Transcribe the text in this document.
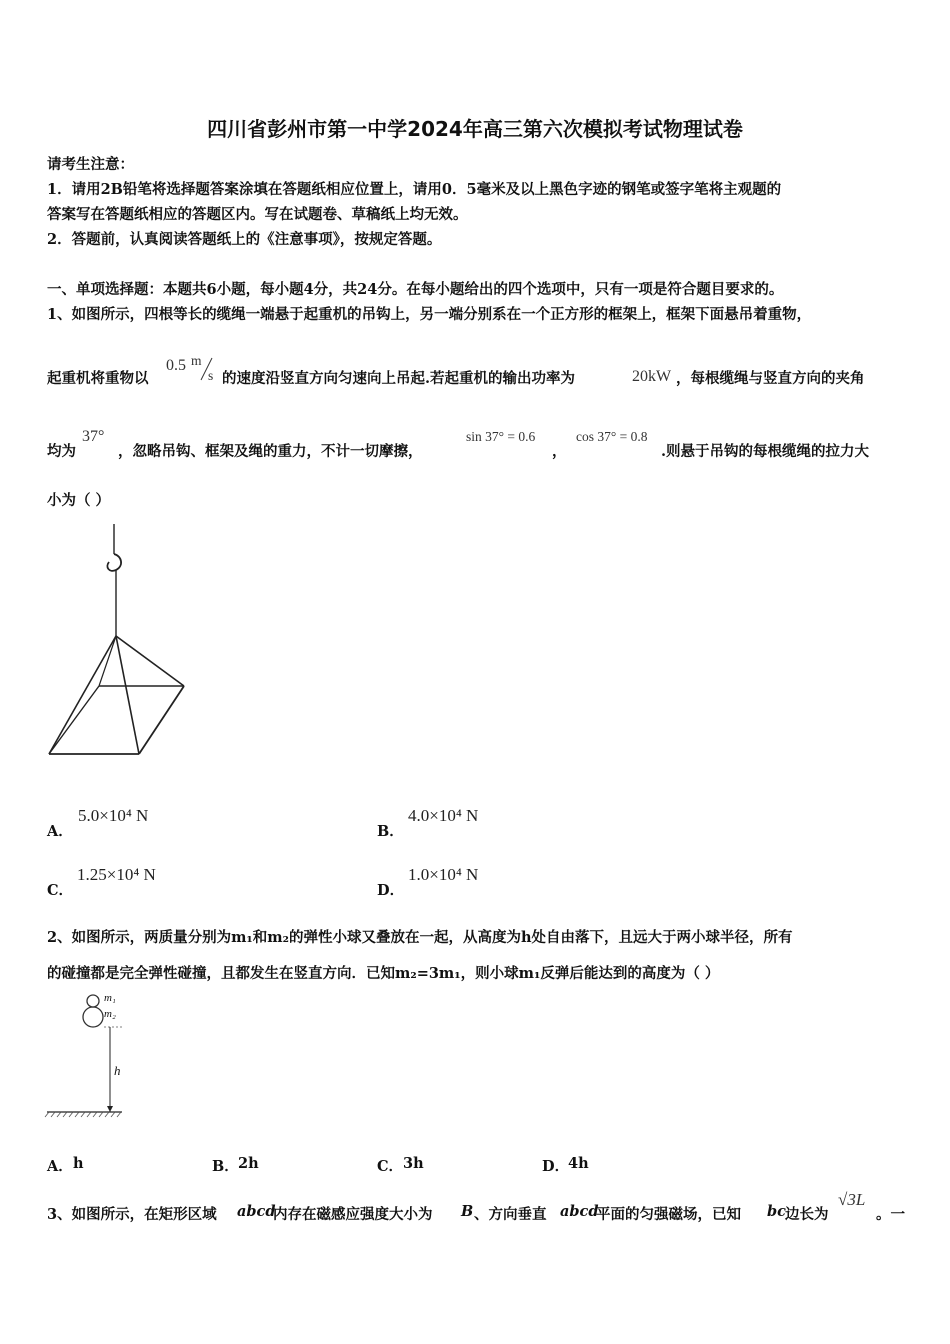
四川省彭州市第一中学2024年高三第六次模拟考试物理试卷
请考生注意：
1．请用2B铅笔将选择题答案涂填在答题纸相应位置上，请用0．5毫米及以上黑色字迹的钢笔或签字笔将主观题的
答案写在答题纸相应的答题区内。写在试题卷、草稿纸上均无效。
2．答题前，认真阅读答题纸上的《注意事项》，按规定答题。
一、单项选择题：本题共6小题，每小题4分，共24分。在每小题给出的四个选项中，只有一项是符合题目要求的。
1、如图所示，四根等长的缆绳一端悬于起重机的吊钩上，另一端分别系在一个正方形的框架上，框架下面悬吊着重物，
起重机将重物以
0.5 m
s 的速度沿竖直方向匀速向上吊起.若起重机的输出功率为	20kW ，每根缆绳与竖直方向的夹角
均为
37°
，忽略吊钩、框架及绳的重力，不计一切摩擦，
sin 37° = 0.6
，
cos 37° = 0.8
.则悬于吊钩的每根缆绳的拉力大
小为（ ）
A．
5.0×10⁴ N
B．
4.0×10⁴ N
C．
1.25×10⁴ N
D．
1.0×10⁴ N
2、如图所示，两质量分别为m₁和m₂的弹性小球又叠放在一起，从高度为h处自由落下，且远大于两小球半径，所有
的碰撞都是完全弹性碰撞，且都发生在竖直方向．已知m₂=3m₁，则小球m₁反弹后能达到的高度为（ ）
m₁
m₂
h
A． h	B． 2h	C． 3h	D．
4h
3、如图所示，在矩形区域 abcd
内存在磁感应强度大小为 B 、方向垂直 abcd
平面的匀强磁场，已知 bc 边长为
√3L
。一
